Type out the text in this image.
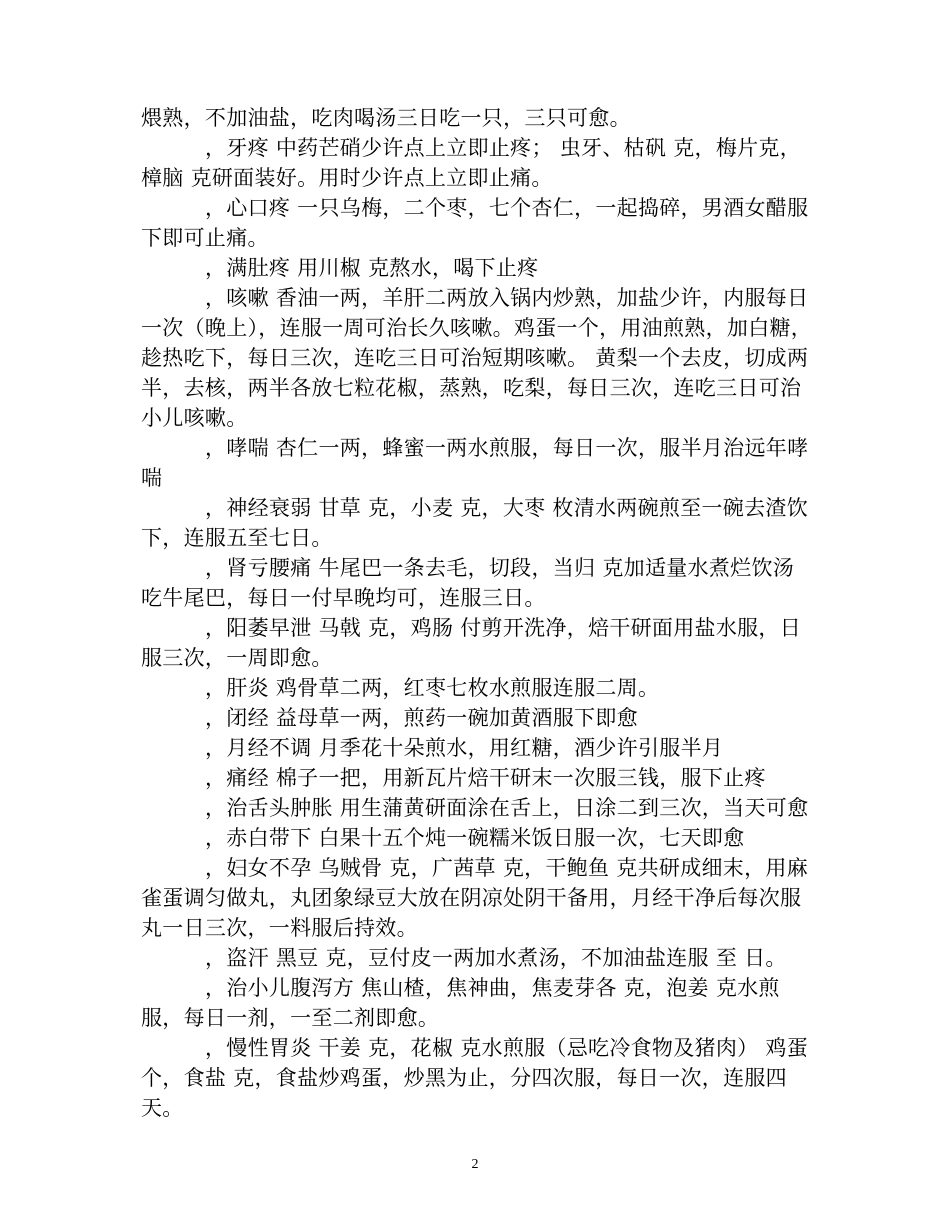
煨熟，不加油盐，吃肉喝汤三日吃一只，三只可愈。

，牙疼 中药芒硝少许点上立即止疼； 虫牙、枯矾 克，梅片克，樟脑 克研面装好。用时少许点上立即止痛。

，心口疼 一只乌梅，二个枣，七个杏仁，一起捣碎，男酒女醋服下即可止痛。

，满肚疼 用川椒 克熬水，喝下止疼

，咳嗽 香油一两，羊肝二两放入锅内炒熟，加盐少许，内服每日一次（晚上），连服一周可治长久咳嗽。鸡蛋一个，用油煎熟，加白糖，趁热吃下，每日三次，连吃三日可治短期咳嗽。 黄梨一个去皮，切成两半，去核，两半各放七粒花椒，蒸熟，吃梨，每日三次，连吃三日可治小儿咳嗽。

，哮喘 杏仁一两，蜂蜜一两水煎服，每日一次，服半月治远年哮喘

，神经衰弱 甘草 克，小麦 克，大枣 枚清水两碗煎至一碗去渣饮下，连服五至七日。

，肾亏腰痛 牛尾巴一条去毛，切段，当归 克加适量水煮烂饮汤吃牛尾巴，每日一付早晚均可，连服三日。

，阳萎早泄 马戟 克，鸡肠 付剪开洗净，焙干研面用盐水服，日服三次，一周即愈。

，肝炎 鸡骨草二两，红枣七枚水煎服连服二周。

，闭经 益母草一两，煎药一碗加黄酒服下即愈

，月经不调 月季花十朵煎水，用红糖，酒少许引服半月

，痛经 棉子一把，用新瓦片焙干研末一次服三钱，服下止疼

，治舌头肿胀 用生蒲黄研面涂在舌上，日涂二到三次，当天可愈

，赤白带下 白果十五个炖一碗糯米饭日服一次，七天即愈

，妇女不孕 乌贼骨 克，广茜草 克，干鲍鱼 克共研成细末，用麻雀蛋调匀做丸，丸团象绿豆大放在阴凉处阴干备用，月经干净后每次服 丸一日三次，一料服后持效。

，盗汗 黑豆 克，豆付皮一两加水煮汤，不加油盐连服 至 日。

，治小儿腹泻方 焦山楂，焦神曲，焦麦芽各 克，泡姜 克水煎服，每日一剂，一至二剂即愈。

，慢性胃炎 干姜 克，花椒 克水煎服（忌吃冷食物及猪肉） 鸡蛋 个，食盐 克，食盐炒鸡蛋，炒黑为止，分四次服，每日一次，连服四天。

2
